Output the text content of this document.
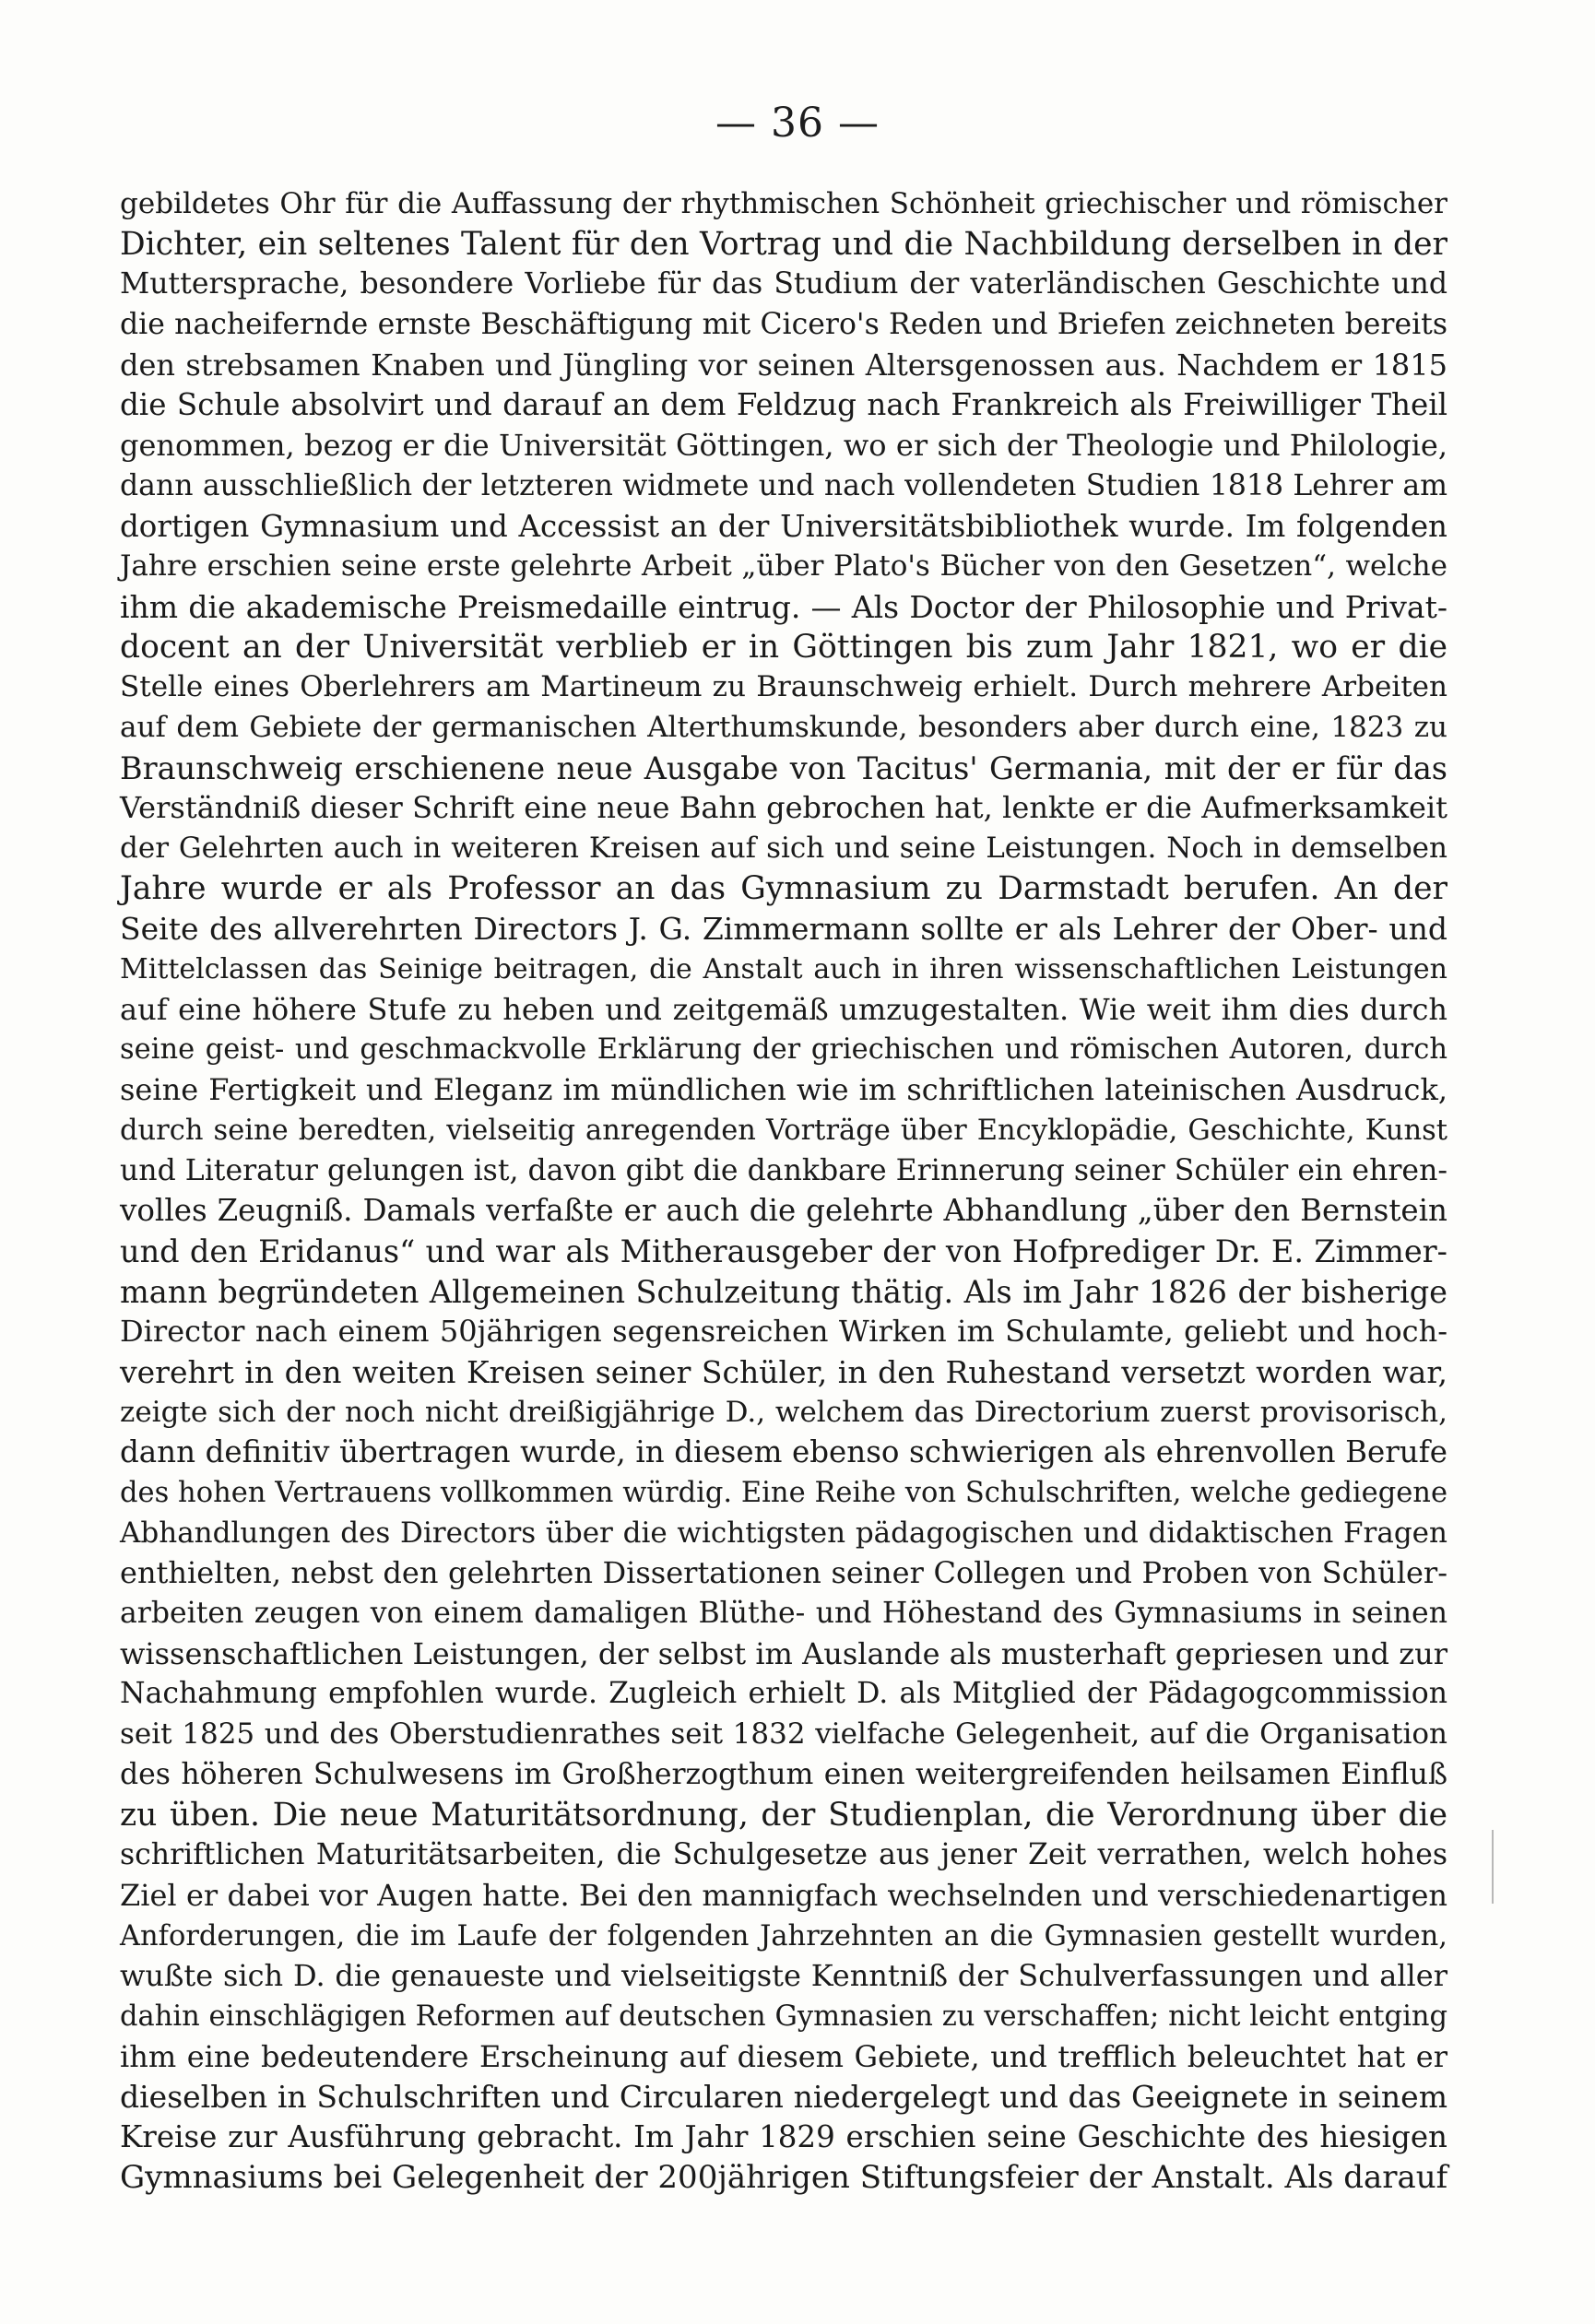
— 36 —
gebildetes Ohr für die Auffassung der rhythmischen Schönheit griechischer und römischer
Dichter, ein seltenes Talent für den Vortrag und die Nachbildung derselben in der
Muttersprache, besondere Vorliebe für das Studium der vaterländischen Geschichte und
die nacheifernde ernste Beschäftigung mit Cicero's Reden und Briefen zeichneten bereits
den strebsamen Knaben und Jüngling vor seinen Altersgenossen aus. Nachdem er 1815
die Schule absolvirt und darauf an dem Feldzug nach Frankreich als Freiwilliger Theil
genommen, bezog er die Universität Göttingen, wo er sich der Theologie und Philologie,
dann ausschließlich der letzteren widmete und nach vollendeten Studien 1818 Lehrer am
dortigen Gymnasium und Accessist an der Universitätsbibliothek wurde. Im folgenden
Jahre erschien seine erste gelehrte Arbeit „über Plato's Bücher von den Gesetzen“, welche
ihm die akademische Preismedaille eintrug. — Als Doctor der Philosophie und Privat-
docent an der Universität verblieb er in Göttingen bis zum Jahr 1821, wo er die
Stelle eines Oberlehrers am Martineum zu Braunschweig erhielt. Durch mehrere Arbeiten
auf dem Gebiete der germanischen Alterthumskunde, besonders aber durch eine, 1823 zu
Braunschweig erschienene neue Ausgabe von Tacitus' Germania, mit der er für das
Verständniß dieser Schrift eine neue Bahn gebrochen hat, lenkte er die Aufmerksamkeit
der Gelehrten auch in weiteren Kreisen auf sich und seine Leistungen. Noch in demselben
Jahre wurde er als Professor an das Gymnasium zu Darmstadt berufen. An der
Seite des allverehrten Directors J. G. Zimmermann sollte er als Lehrer der Ober- und
Mittelclassen das Seinige beitragen, die Anstalt auch in ihren wissenschaftlichen Leistungen
auf eine höhere Stufe zu heben und zeitgemäß umzugestalten. Wie weit ihm dies durch
seine geist- und geschmackvolle Erklärung der griechischen und römischen Autoren, durch
seine Fertigkeit und Eleganz im mündlichen wie im schriftlichen lateinischen Ausdruck,
durch seine beredten, vielseitig anregenden Vorträge über Encyklopädie, Geschichte, Kunst
und Literatur gelungen ist, davon gibt die dankbare Erinnerung seiner Schüler ein ehren-
volles Zeugniß. Damals verfaßte er auch die gelehrte Abhandlung „über den Bernstein
und den Eridanus“ und war als Mitherausgeber der von Hofprediger Dr. E. Zimmer-
mann begründeten Allgemeinen Schulzeitung thätig. Als im Jahr 1826 der bisherige
Director nach einem 50jährigen segensreichen Wirken im Schulamte, geliebt und hoch-
verehrt in den weiten Kreisen seiner Schüler, in den Ruhestand versetzt worden war,
zeigte sich der noch nicht dreißigjährige D., welchem das Directorium zuerst provisorisch,
dann definitiv übertragen wurde, in diesem ebenso schwierigen als ehrenvollen Berufe
des hohen Vertrauens vollkommen würdig. Eine Reihe von Schulschriften, welche gediegene
Abhandlungen des Directors über die wichtigsten pädagogischen und didaktischen Fragen
enthielten, nebst den gelehrten Dissertationen seiner Collegen und Proben von Schüler-
arbeiten zeugen von einem damaligen Blüthe- und Höhestand des Gymnasiums in seinen
wissenschaftlichen Leistungen, der selbst im Auslande als musterhaft gepriesen und zur
Nachahmung empfohlen wurde. Zugleich erhielt D. als Mitglied der Pädagogcommission
seit 1825 und des Oberstudienrathes seit 1832 vielfache Gelegenheit, auf die Organisation
des höheren Schulwesens im Großherzogthum einen weitergreifenden heilsamen Einfluß
zu üben. Die neue Maturitätsordnung, der Studienplan, die Verordnung über die
schriftlichen Maturitätsarbeiten, die Schulgesetze aus jener Zeit verrathen, welch hohes
Ziel er dabei vor Augen hatte. Bei den mannigfach wechselnden und verschiedenartigen
Anforderungen, die im Laufe der folgenden Jahrzehnten an die Gymnasien gestellt wurden,
wußte sich D. die genaueste und vielseitigste Kenntniß der Schulverfassungen und aller
dahin einschlägigen Reformen auf deutschen Gymnasien zu verschaffen; nicht leicht entging
ihm eine bedeutendere Erscheinung auf diesem Gebiete, und trefflich beleuchtet hat er
dieselben in Schulschriften und Circularen niedergelegt und das Geeignete in seinem
Kreise zur Ausführung gebracht. Im Jahr 1829 erschien seine Geschichte des hiesigen
Gymnasiums bei Gelegenheit der 200jährigen Stiftungsfeier der Anstalt. Als darauf
